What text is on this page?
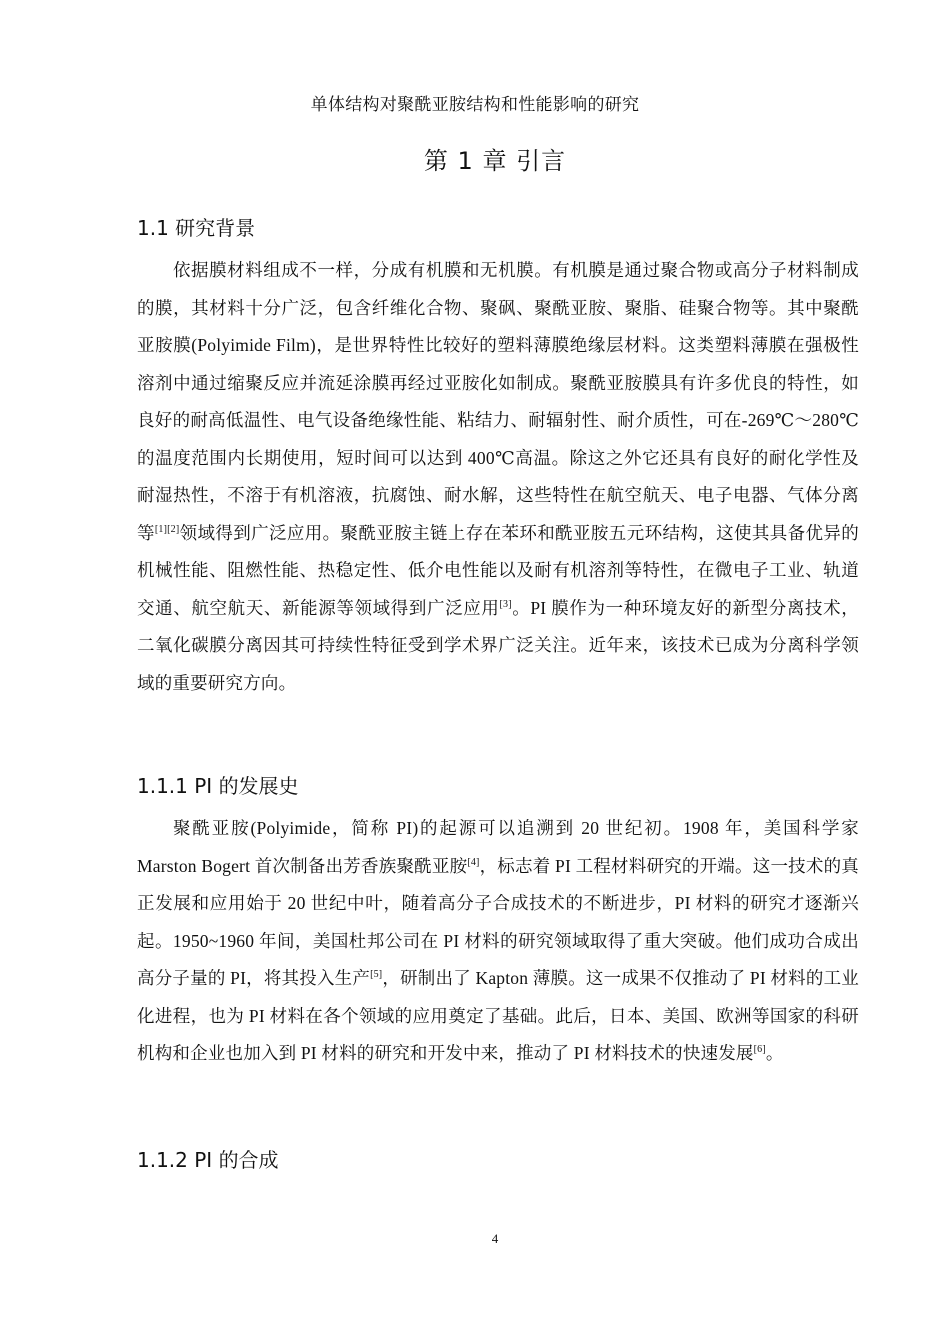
单体结构对聚酰亚胺结构和性能影响的研究
第 1 章 引言
1.1 研究背景

依据膜材料组成不一样，分成有机膜和无机膜。有机膜是通过聚合物或高分子材料制成的膜，其材料十分广泛，包含纤维化合物、聚砜、聚酰亚胺、聚脂、硅聚合物等。其中聚酰亚胺膜(Polyimide Film)，是世界特性比较好的塑料薄膜绝缘层材料。这类塑料薄膜在强极性溶剂中通过缩聚反应并流延涂膜再经过亚胺化如制成。聚酰亚胺膜具有许多优良的特性，如良好的耐高低温性、电气设备绝缘性能、粘结力、耐辐射性、耐介质性，可在-269℃～280℃的温度范围内长期使用，短时间可以达到 400℃高温。除这之外它还具有良好的耐化学性及耐湿热性，不溶于有机溶液，抗腐蚀、耐水解，这些特性在航空航天、电子电器、气体分离等[1][2]领域得到广泛应用。聚酰亚胺主链上存在苯环和酰亚胺五元环结构，这使其具备优异的机械性能、阻燃性能、热稳定性、低介电性能以及耐有机溶剂等特性，在微电子工业、轨道交通、航空航天、新能源等领域得到广泛应用[3]。PI 膜作为一种环境友好的新型分离技术，二氧化碳膜分离因其可持续性特征受到学术界广泛关注。近年来，该技术已成为分离科学领域的重要研究方向。

1.1.1 PI 的发展史

聚酰亚胺(Polyimide，简称 PI)的起源可以追溯到 20 世纪初。1908 年，美国科学家 Marston Bogert 首次制备出芳香族聚酰亚胺[4]，标志着 PI 工程材料研究的开端。这一技术的真正发展和应用始于 20 世纪中叶，随着高分子合成技术的不断进步，PI 材料的研究才逐渐兴起。1950~1960 年间，美国杜邦公司在 PI 材料的研究领域取得了重大突破。他们成功合成出高分子量的 PI，将其投入生产[5]，研制出了 Kapton 薄膜。这一成果不仅推动了 PI 材料的工业化进程，也为 PI 材料在各个领域的应用奠定了基础。此后，日本、美国、欧洲等国家的科研机构和企业也加入到 PI 材料的研究和开发中来，推动了 PI 材料技术的快速发展[6]。

1.1.2 PI 的合成
4
